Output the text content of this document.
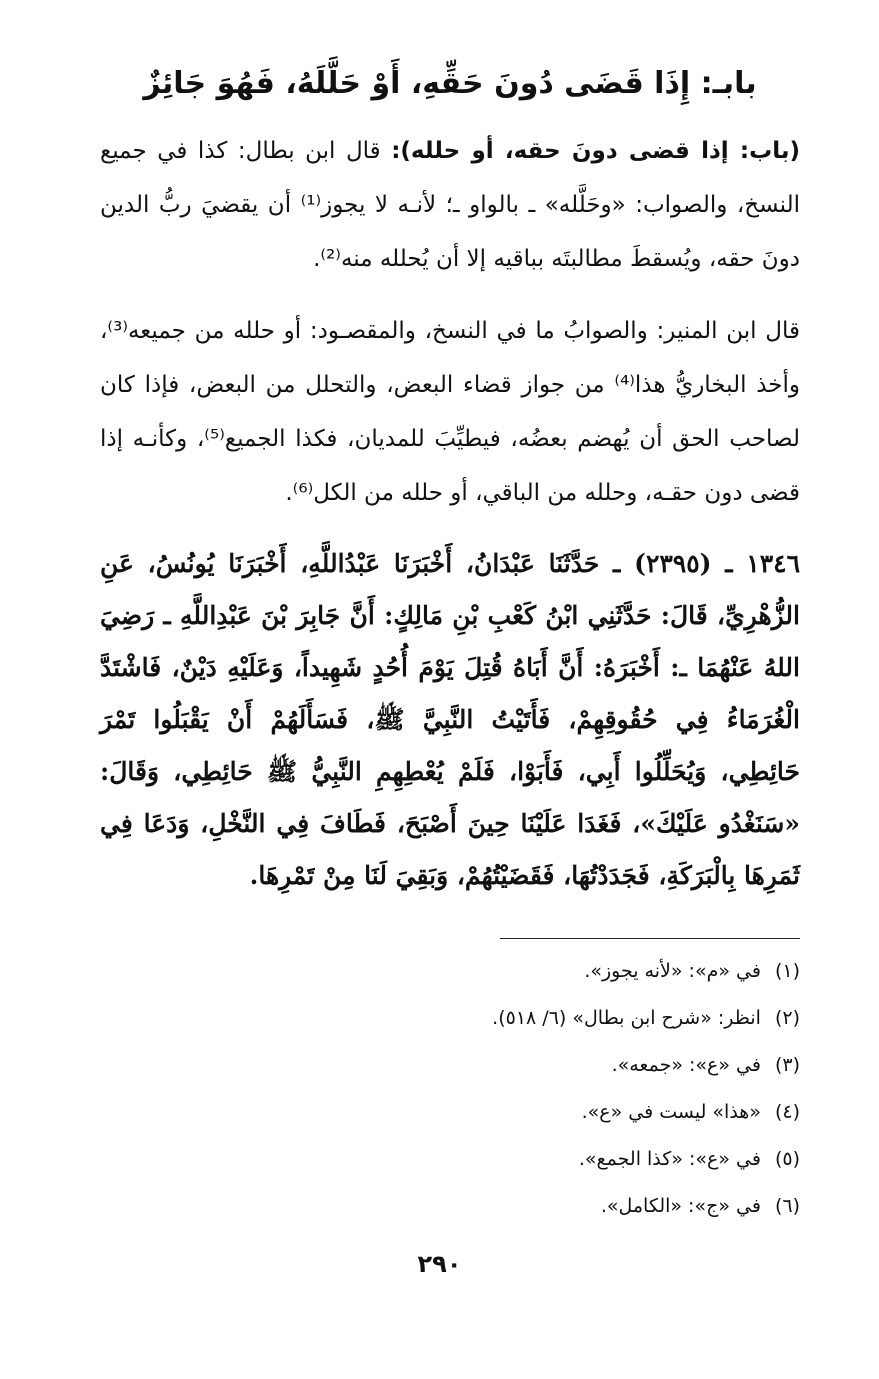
بابـ: إِذَا قَضَى دُونَ حَقِّهِ، أَوْ حَلَّلَهُ، فَهُوَ جَائِزٌ

(باب: إذا قضى دونَ حقه، أو حلله): قال ابن بطال: كذا في جميع النسخ، والصواب: «وحَلَّله» ـ بالواو ـ؛ لأنـه لا يجوز⁽¹⁾ أن يقضيَ ربُّ الدين دونَ حقه، ويُسقطَ مطالبتَه بباقيه إلا أن يُحلله منه⁽²⁾.

قال ابن المنير: والصوابُ ما في النسخ، والمقصـود: أو حلله من جميعه⁽³⁾، وأخذ البخاريُّ هذا⁽⁴⁾ من جواز قضاء البعض، والتحلل من البعض، فإذا كان لصاحب الحق أن يُهضم بعضُه، فيطيِّبَ للمديان، فكذا الجميع⁽⁵⁾، وكأنـه إذا قضى دون حقـه، وحلله من الباقي، أو حلله من الكل⁽⁶⁾.

١٣٤٦ ـ (٢٣٩٥) ـ حَدَّثَنَا عَبْدَانُ، أَخْبَرَنَا عَبْدُاللَّهِ، أَخْبَرَنَا يُونُسُ، عَنِ الزُّهْرِيِّ، قَالَ: حَدَّثَنِي ابْنُ كَعْبِ بْنِ مَالِكٍ: أَنَّ جَابِرَ بْنَ عَبْدِاللَّهِ ـ رَضِيَ اللهُ عَنْهُمَا ـ: أَخْبَرَهُ: أَنَّ أَبَاهُ قُتِلَ يَوْمَ أُحُدٍ شَهِيداً، وَعَلَيْهِ دَيْنٌ، فَاشْتَدَّ الْغُرَمَاءُ فِي حُقُوقِهِمْ، فَأَتَيْتُ النَّبِيَّ ﷺ، فَسَأَلَهُمْ أَنْ يَقْبَلُوا تَمْرَ حَائِطِي، وَيُحَلِّلُوا أَبِي، فَأَبَوْا، فَلَمْ يُعْطِهِمِ النَّبِيُّ ﷺ حَائِطِي، وَقَالَ: «سَنَغْدُو عَلَيْكَ»، فَغَدَا عَلَيْنَا حِينَ أَصْبَحَ، فَطَافَ فِي النَّخْلِ، وَدَعَا فِي ثَمَرِهَا بِالْبَرَكَةِ، فَجَدَدْتُهَا، فَقَضَيْتُهُمْ، وَبَقِيَ لَنَا مِنْ تَمْرِهَا.

(١)في «م»: «لأنه يجوز».
(٢)انظر: «شرح ابن بطال» (٦/ ٥١٨).
(٣)في «ع»: «جمعه».
(٤)«هذا» ليست في «ع».
(٥)في «ع»: «كذا الجمع».
(٦)في «ج»: «الكامل».
٢٩٠
